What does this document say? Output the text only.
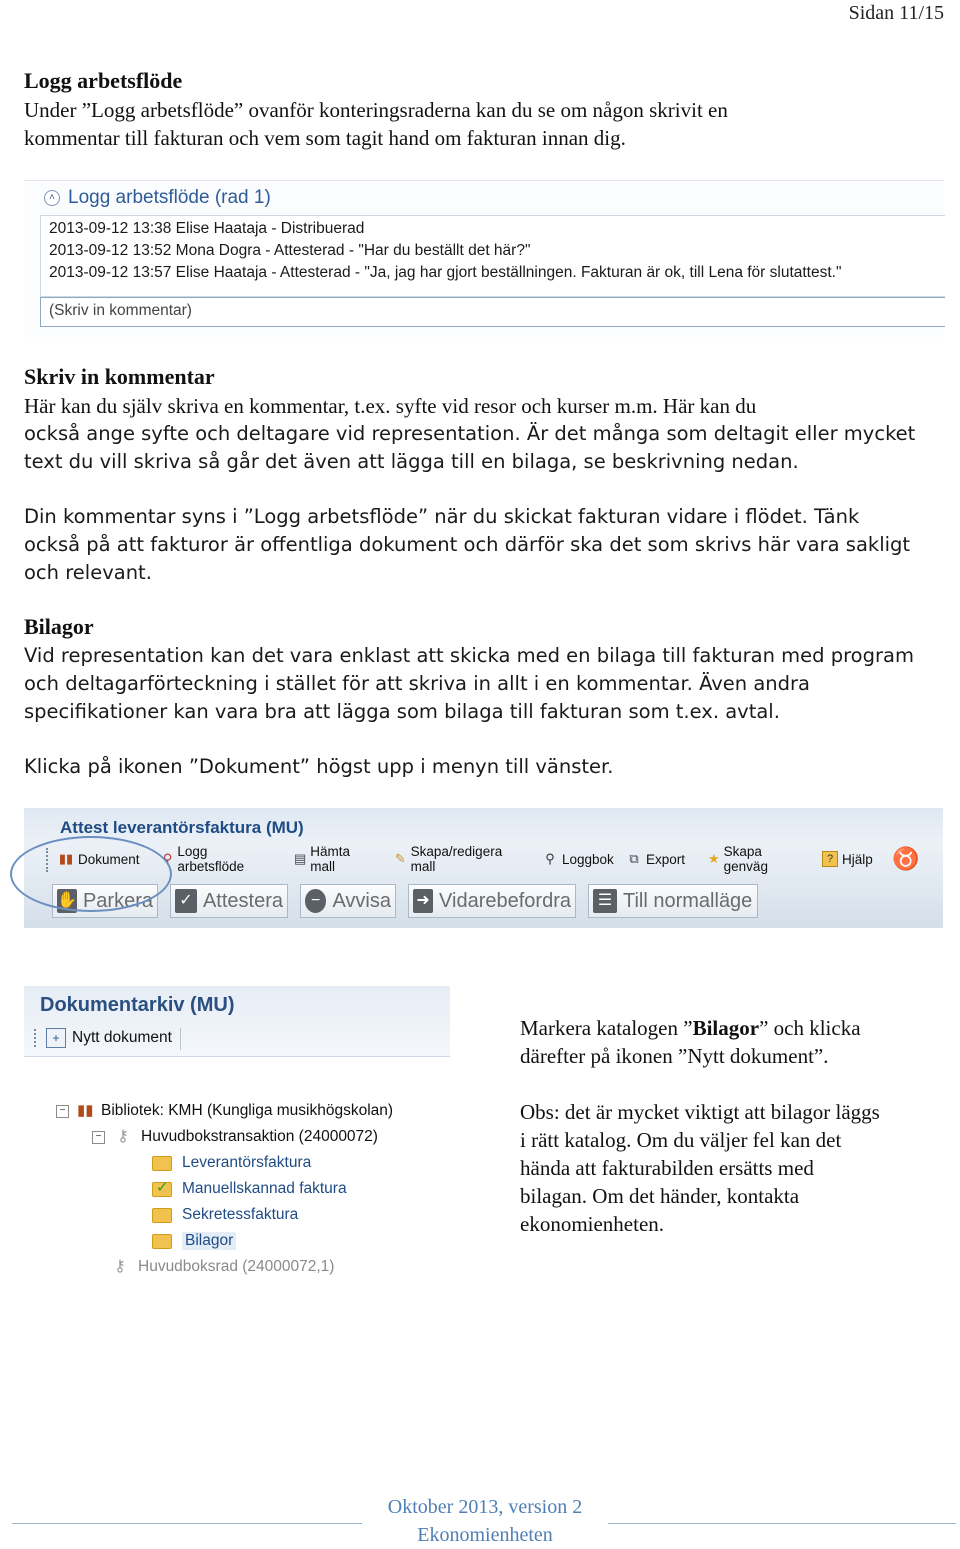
Sidan 11/15
Logg arbetsflöde
Under ”Logg arbetsflöde” ovanför konteringsraderna kan du se om någon skrivit en
kommentar till fakturan och vem som tagit hand om fakturan innan dig.
˄ Logg arbetsflöde (rad 1)
2013-09-12 13:38 Elise Haataja - Distribuerad
2013-09-12 13:52 Mona Dogra - Attesterad - "Har du beställt det här?"
2013-09-12 13:57 Elise Haataja - Attesterad - "Ja, jag har gjort beställningen. Fakturan är ok, till Lena för slutattest."
(Skriv in kommentar)
Skriv in kommentar
Här kan du själv skriva en kommentar, t.ex. syfte vid resor och kurser m.m. Här kan du
också ange syfte och deltagare vid representation. Är det många som deltagit eller mycket
text du vill skriva så går det även att lägga till en bilaga, se beskrivning nedan.
Din kommentar syns i ”Logg arbetsflöde” när du skickat fakturan vidare i flödet. Tänk
också på att fakturor är offentliga dokument och därför ska det som skrivs här vara sakligt
och relevant.
Bilagor
Vid representation kan det vara enklast att skicka med en bilaga till fakturan med program
och deltagarförteckning i stället för att skriva in allt i en kommentar. Även andra
specifikationer kan vara bra att lägga som bilaga till fakturan som t.ex. avtal.
Klicka på ikonen ”Dokument” högst upp i menyn till vänster.
Attest leverantörsfaktura (MU)
▮▮ Dokument ⚲ Logg arbetsflöde
▤ Hämta mall
✎ Skapa/redigera mall
⚲ Loggbok ⧉ Export ★ Skapa genväg	? Hjälp ♉
✋ Parkera ✓ Attestera	− Avvisa ➜ Vidarebefordra	☰ Till normalläge
Dokumentarkiv (MU)
+ Nytt dokument
− ▮▮ Bibliotek: KMH (Kungliga musikhögskolan)
− ⚷ Huvudbokstransaktion (24000072)
Leverantörsfaktura
✓ Manuellskannad faktura
Sekretessfaktura
Bilagor
⚷ Huvudboksrad (24000072,1)
Markera katalogen ”Bilagor” och klicka
därefter på ikonen ”Nytt dokument”.
Obs: det är mycket viktigt att bilagor läggs
i rätt katalog. Om du väljer fel kan det
hända att fakturabilden ersätts med
bilagan. Om det händer, kontakta
ekonomienheten.
Oktober 2013, version 2
Ekonomienheten
